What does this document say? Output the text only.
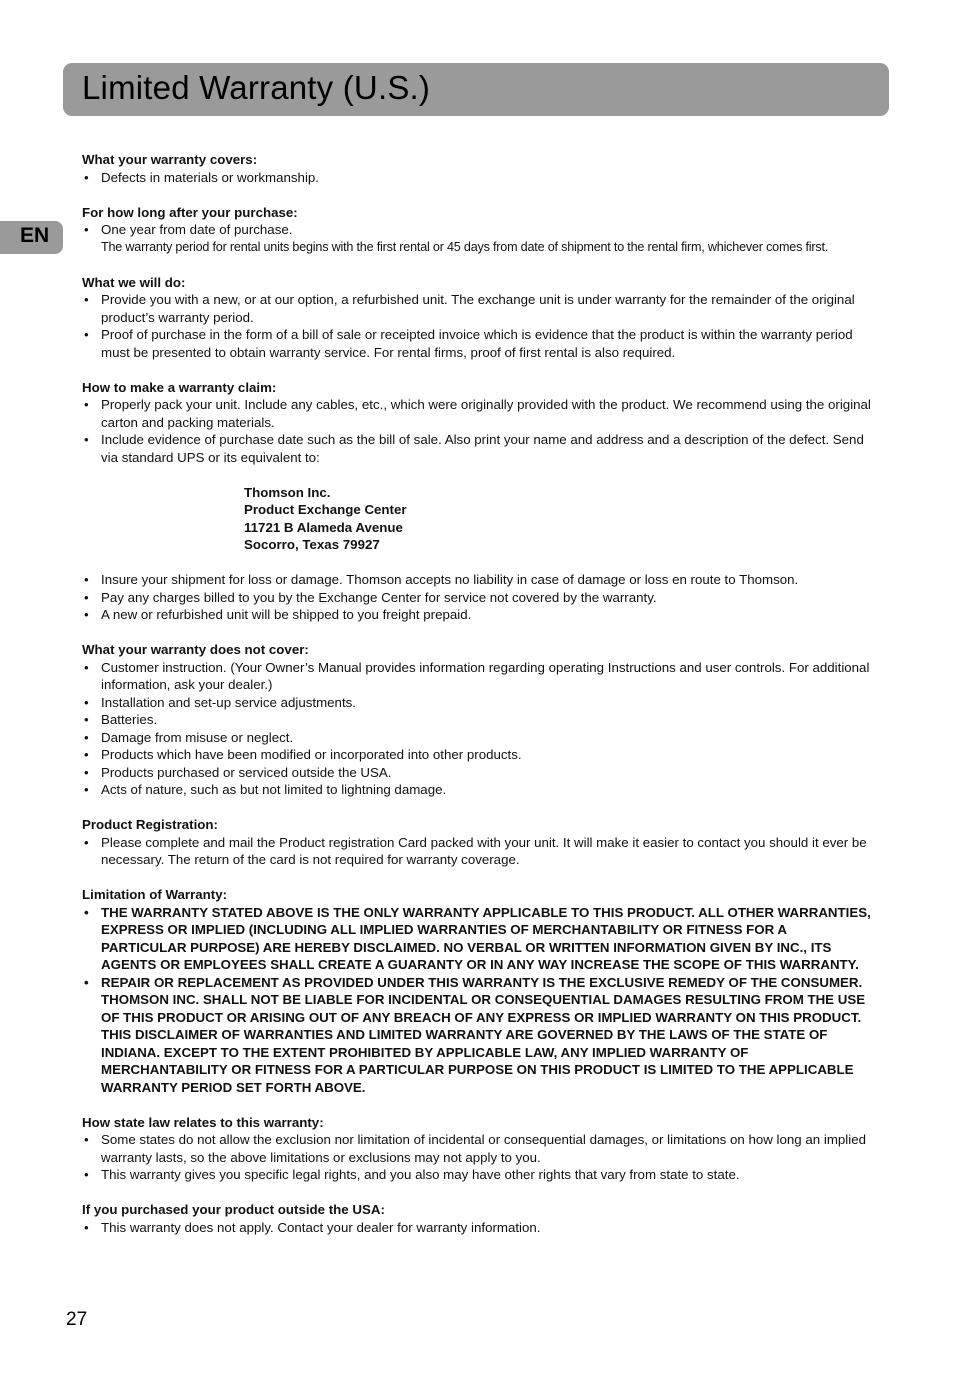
Limited Warranty (U.S.)
EN
What your warranty covers:
• Defects in materials or workmanship.
For how long after your purchase:
• One year from date of purchase.
The warranty period for rental units begins with the first rental or 45 days from date of shipment to the rental firm, whichever comes first.
What we will do:
• Provide you with a new, or at our option, a refurbished unit. The exchange unit is under warranty for the remainder of the original product’s warranty period.
• Proof of purchase in the form of a bill of sale or receipted invoice which is evidence that the product is within the warranty period must be presented to obtain warranty service. For rental firms, proof of first rental is also required.
How to make a warranty claim:
• Properly pack your unit. Include any cables, etc., which were originally provided with the product. We recommend using the original carton and packing materials.
• Include evidence of purchase date such as the bill of sale. Also print your name and address and a description of the defect. Send via standard UPS or its equivalent to:
Thomson Inc.
Product Exchange Center
11721 B Alameda Avenue
Socorro, Texas 79927
• Insure your shipment for loss or damage. Thomson accepts no liability in case of damage or loss en route to Thomson.
• Pay any charges billed to you by the Exchange Center for service not covered by the warranty.
• A new or refurbished unit will be shipped to you freight prepaid.
What your warranty does not cover:
• Customer instruction. (Your Owner’s Manual provides information regarding operating Instructions and user controls. For additional information, ask your dealer.)
• Installation and set-up service adjustments.
• Batteries.
• Damage from misuse or neglect.
• Products which have been modified or incorporated into other products.
• Products purchased or serviced outside the USA.
• Acts of nature, such as but not limited to lightning damage.
Product Registration:
• Please complete and mail the Product registration Card packed with your unit. It will make it easier to contact you should it ever be necessary. The return of the card is not required for warranty coverage.
Limitation of Warranty:
• THE WARRANTY STATED ABOVE IS THE ONLY WARRANTY APPLICABLE TO THIS PRODUCT. ALL OTHER WARRANTIES, EXPRESS OR IMPLIED (INCLUDING ALL IMPLIED WARRANTIES OF MERCHANTABILITY OR FITNESS FOR A PARTICULAR PURPOSE) ARE HEREBY DISCLAIMED. NO VERBAL OR WRITTEN INFORMATION GIVEN BY INC., ITS AGENTS OR EMPLOYEES SHALL CREATE A GUARANTY OR IN ANY WAY INCREASE THE SCOPE OF THIS WARRANTY.
• REPAIR OR REPLACEMENT AS PROVIDED UNDER THIS WARRANTY IS THE EXCLUSIVE REMEDY OF THE CONSUMER. THOMSON INC. SHALL NOT BE LIABLE FOR INCIDENTAL OR CONSEQUENTIAL DAMAGES RESULTING FROM THE USE OF THIS PRODUCT OR ARISING OUT OF ANY BREACH OF ANY EXPRESS OR IMPLIED WARRANTY ON THIS PRODUCT. THIS DISCLAIMER OF WARRANTIES AND LIMITED WARRANTY ARE GOVERNED BY THE LAWS OF THE STATE OF INDIANA. EXCEPT TO THE EXTENT PROHIBITED BY APPLICABLE LAW, ANY IMPLIED WARRANTY OF MERCHANTABILITY OR FITNESS FOR A PARTICULAR PURPOSE ON THIS PRODUCT IS LIMITED TO THE APPLICABLE WARRANTY PERIOD SET FORTH ABOVE.
How state law relates to this warranty:
• Some states do not allow the exclusion nor limitation of incidental or consequential damages, or limitations on how long an implied warranty lasts, so the above limitations or exclusions may not apply to you.
• This warranty gives you specific legal rights, and you also may have other rights that vary from state to state.
If you purchased your product outside the USA:
• This warranty does not apply. Contact your dealer for warranty information.
27
